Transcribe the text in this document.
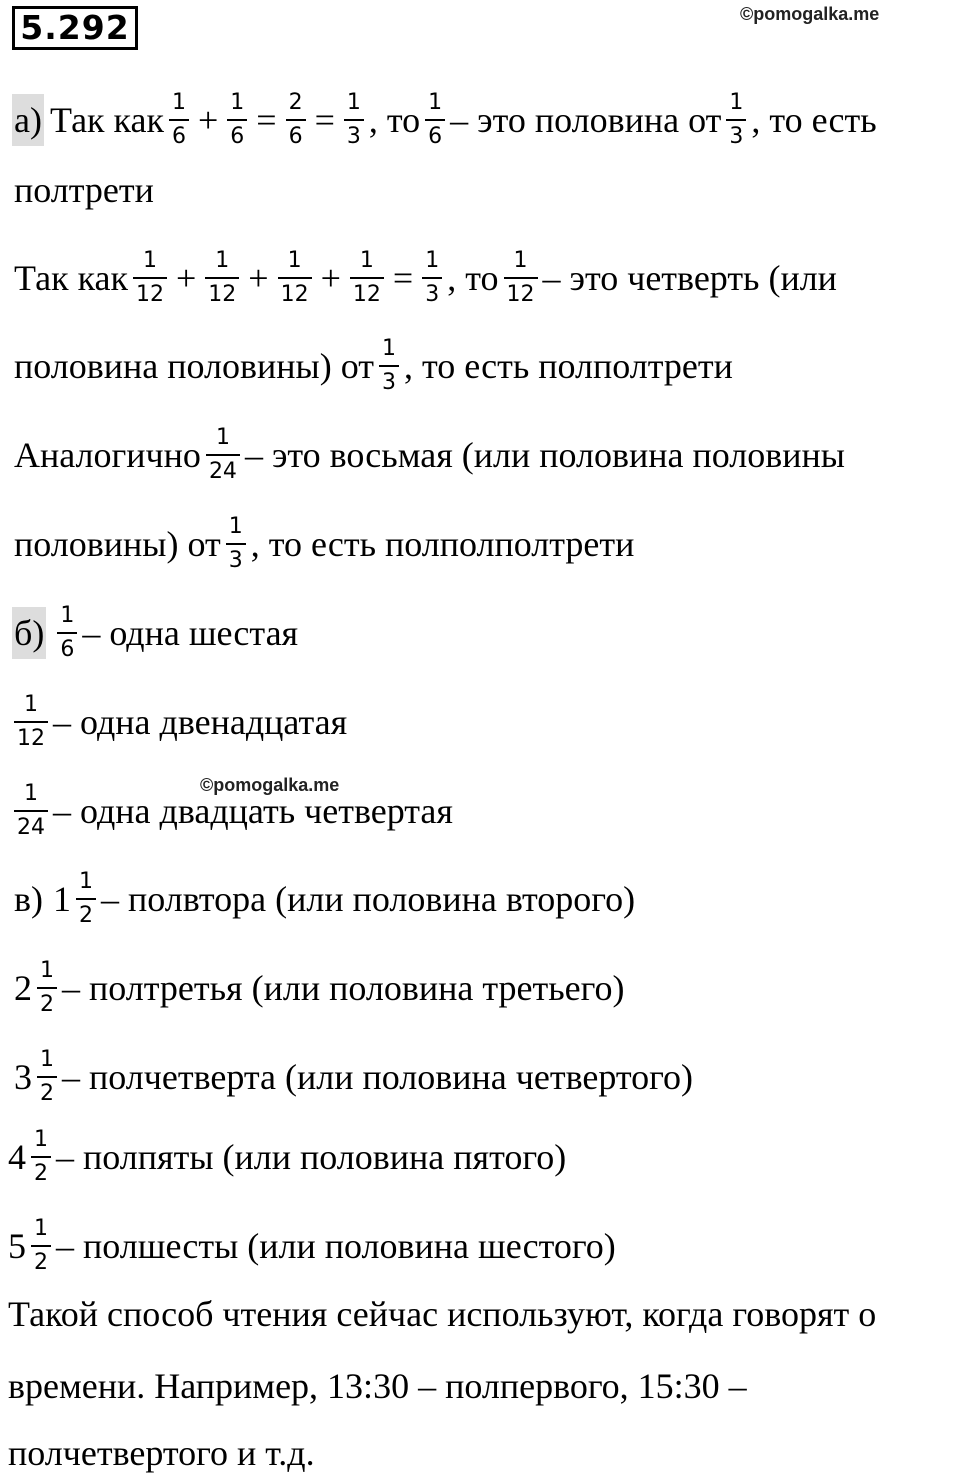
5.292	©pomogalka.me
а) Так как $\frac{1}{6} + \frac{1}{6} = \frac{2}{6} = \frac{1}{3}$ , то $\frac{1}{6}$ – это половина от $\frac{1}{3}$ , то есть
полтрети
Так как $\frac{1}{12} + \frac{1}{12} + \frac{1}{12} + \frac{1}{12} = \frac{1}{3}$ , то $\frac{1}{12}$ – это четверть (или
половина половины) от $\frac{1}{3}$ , то есть полполтрети
Аналогично $\frac{1}{24}$ – это восьмая (или половина половины
половины) от $\frac{1}{3}$ , то есть полполполтрети
$б) \frac{1}{6}$ – одна шестая
$\frac{1}{12}$ – одна двенадцатая
$\frac{1}{24}$ – одна двадцать четвертая
©pomogalka.me
в) $1 \frac{1}{2}$ – полвтора (или половина второго)
$2 \frac{1}{2}$ – полтретья (или половина третьего)
$3 \frac{1}{2}$ – полчетверта (или половина четвертого)
$4 \frac{1}{2}$ – полпяты (или половина пятого)
$5 \frac{1}{2}$ – полшесты (или половина шестого)
Такой способ чтения сейчас используют, когда говорят о
времени. Например, 13:30 – полпервого, 15:30 –
полчетвертого и т.д.
